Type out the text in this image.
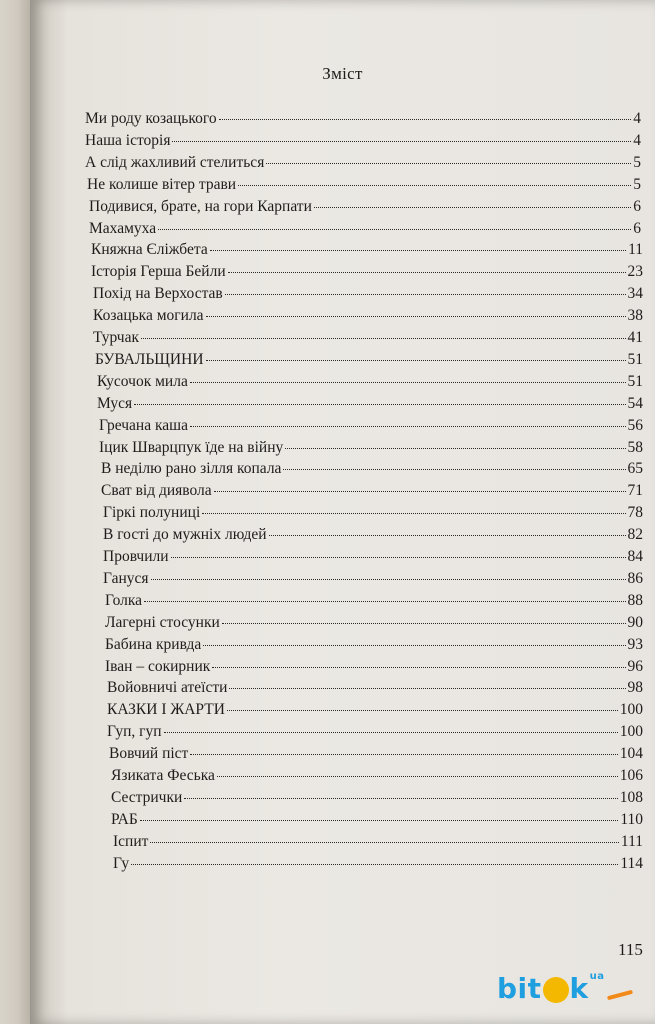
Зміст
Ми роду козацького	4
Наша історія	4
А слід жахливий стелиться	5
Не колише вітер трави	5
Подивися, брате, на гори Карпати	6
Махамуха	6
Княжна Єліжбета	11
Історія Герша Бейли	23
Похід на Верхостав	34
Козацька могила	38
Турчак	41
БУВАЛЬЩИНИ	51
Кусочок мила	51
Муся	54
Гречана каша	56
Іцик Шварцпук їде на війну	58
В неділю рано зілля копала	65
Сват від диявола	71
Гіркі полуниці	78
В гості до мужніх людей	82
Провчили	84
Гануся	86
Голка	88
Лагерні стосунки	90
Бабина кривда	93
Іван – сокирник	96
Войовничі атеїсти	98
КАЗКИ І ЖАРТИ	100
Гуп, гуп	100
Вовчий піст	104
Язиката Феська	106
Сестрички	108
РАБ	110
Іспит	111
Гу	114
115
bit k ua
